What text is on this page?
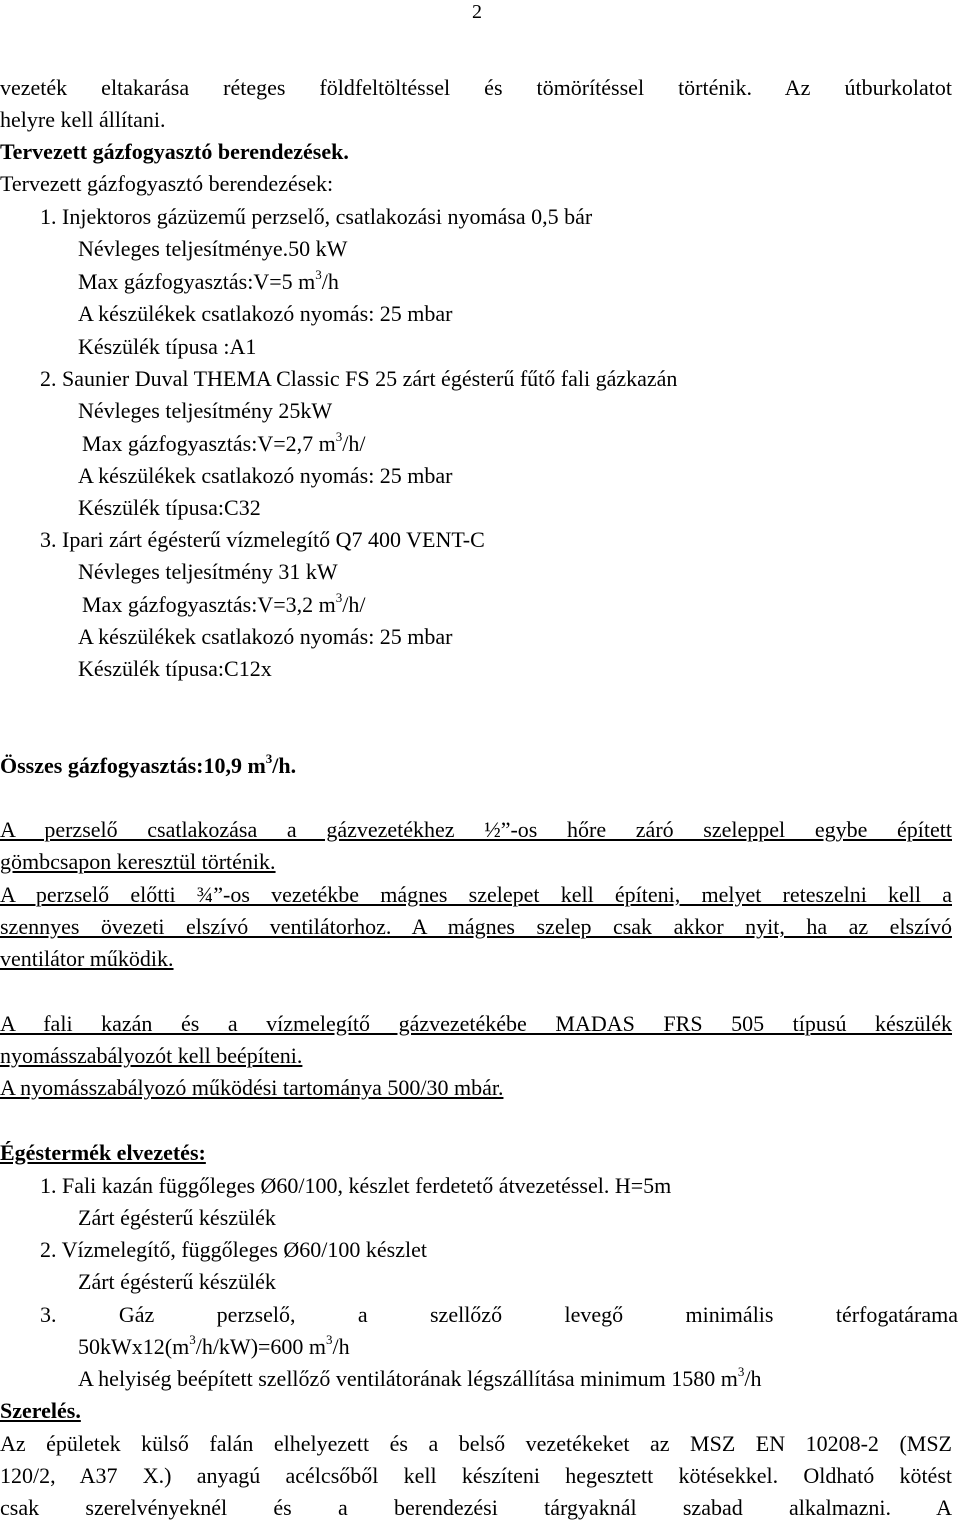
2
vezeték eltakarása réteges földfeltöltéssel és tömörítéssel történik. Az útburkolatot
helyre kell állítani.
Tervezett gázfogyasztó berendezések.
Tervezett gázfogyasztó berendezések:
1. Injektoros gázüzemű perzselő, csatlakozási nyomása 0,5 bár
Névleges teljesítménye.50 kW
Max gázfogyasztás:V=5 $m^3/h$
A készülékek csatlakozó nyomás: 25 mbar
Készülék típusa :A1
2. Saunier Duval THEMA Classic FS 25 zárt égésterű fűtő fali gázkazán
Névleges teljesítmény 25kW
Max gázfogyasztás:V=2,7 $m^3/h/$
A készülékek csatlakozó nyomás: 25 mbar
Készülék típusa:C32
3. Ipari zárt égésterű vízmelegítő Q7 400 VENT-C
Névleges teljesítmény 31 kW
Max gázfogyasztás:V=3,2 $m^3/h/$
A készülékek csatlakozó nyomás: 25 mbar
Készülék típusa:C12x
Összes gázfogyasztás:10,9 $m^3/h$.
A perzselő csatlakozása a gázvezetékhez ½”-os hőre záró szeleppel egybe épített
gömbcsapon keresztül történik.
A perzselő előtti ¾”-os vezetékbe mágnes szelepet kell építeni, melyet reteszelni kell a
szennyes övezeti elszívó ventilátorhoz. A mágnes szelep csak akkor nyit, ha az elszívó
ventilátor működik.
A fali kazán és a vízmelegítő gázvezetékébe MADAS FRS 505 típusú készülék
nyomásszabályozót kell beépíteni.
A nyomásszabályozó működési tartománya 500/30 mbár.
Égéstermék elvezetés:
1. Fali kazán függőleges Ø60/100, készlet ferdetető átvezetéssel. H=5m
Zárt égésterű készülék
2. Vízmelegítő, függőleges Ø60/100 készlet
Zárt égésterű készülék
3. Gáz perzselő, a szellőző levegő minimális térfogatárama
$50kWx12(m^3/h/kW)=600$ $m^3/h$
A helyiség beépített szellőző ventilátorának légszállítása minimum 1580 $m^3/h$
Szerelés.
Az épületek külső falán elhelyezett és a belső vezetékeket az MSZ EN 10208-2 (MSZ
120/2, A37 X.) anyagú acélcsőből kell készíteni hegesztett kötésekkel. Oldható kötést
csak szerelvényeknél és a berendezési tárgyaknál szabad alkalmazni. A
